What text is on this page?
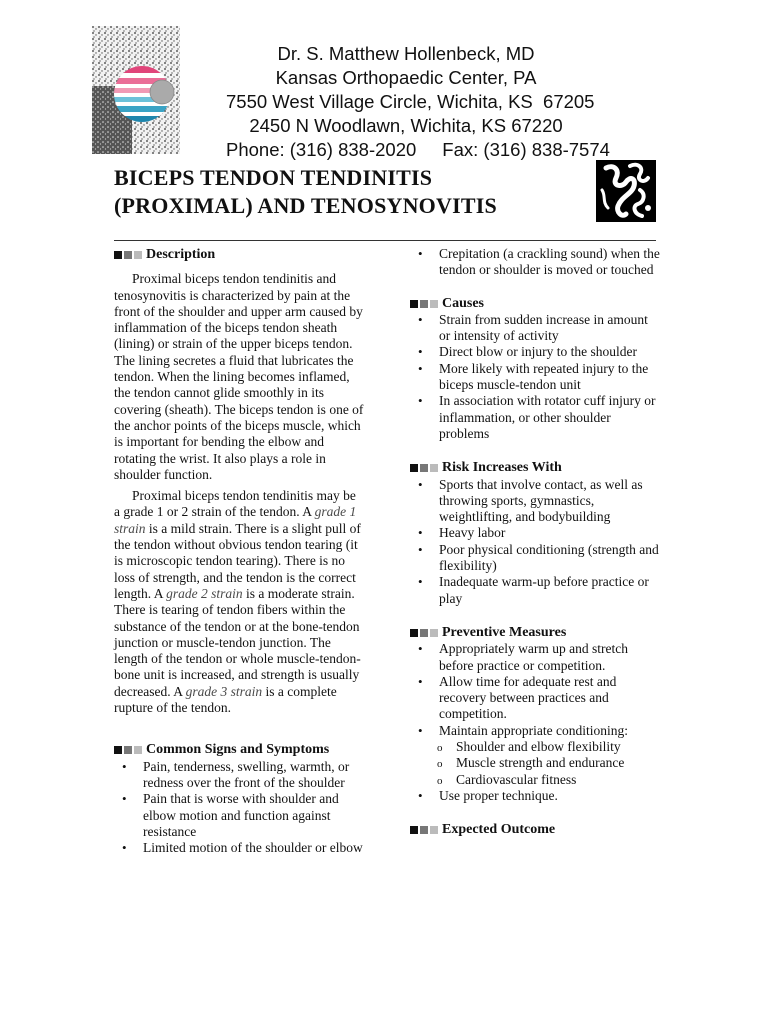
Dr. S. Matthew Hollenbeck, MD
Kansas Orthopaedic Center, PA
7550 West Village Circle, Wichita, KS  67205
2450 N Woodlawn, Wichita, KS 67220
Phone: (316) 838-2020 Fax: (316) 838-7574
BICEPS TENDON TENDINITIS
(PROXIMAL) AND TENOSYNOVITIS
Description

Proximal biceps tendon tendinitis and tenosynovitis is characterized by pain at the front of the shoulder and upper arm caused by inflammation of the biceps tendon sheath (lining) or strain of the upper biceps tendon. The lining secretes a fluid that lubricates the tendon. When the lining becomes inflamed, the tendon cannot glide smoothly in its covering (sheath). The biceps tendon is one of the anchor points of the biceps muscle, which is important for bending the elbow and rotating the wrist. It also plays a role in shoulder function.

Proximal biceps tendon tendinitis may be a grade 1 or 2 strain of the tendon. A grade 1 strain is a mild strain. There is a slight pull of the tendon without obvious tendon tearing (it is microscopic tendon tearing). There is no loss of strength, and the tendon is the correct length. A grade 2 strain is a moderate strain. There is tearing of tendon fibers within the substance of the tendon or at the bone-tendon junction or muscle-tendon junction. The length of the tendon or whole muscle-tendon-bone unit is increased, and strength is usually decreased. A grade 3 strain is a complete rupture of the tendon.

Common Signs and Symptoms
• Pain, tenderness, swelling, warmth, or redness over the front of the shoulder
• Pain that is worse with shoulder and elbow motion and function against resistance
• Limited motion of the shoulder or elbow
• Crepitation (a crackling sound) when the tendon or shoulder is moved or touched
Causes
• Strain from sudden increase in amount or intensity of activity
• Direct blow or injury to the shoulder
• More likely with repeated injury to the biceps muscle-tendon unit
• In association with rotator cuff injury or inflammation, or other shoulder problems
Risk Increases With
• Sports that involve contact, as well as throwing sports, gymnastics, weightlifting, and bodybuilding
• Heavy labor
• Poor physical conditioning (strength and flexibility)
• Inadequate warm-up before practice or play
Preventive Measures
• Appropriately warm up and stretch before practice or competition.
• Allow time for adequate rest and recovery between practices and competition.
• Maintain appropriate conditioning:
o Shoulder and elbow flexibility
o Muscle strength and endurance
o Cardiovascular fitness
• Use proper technique.
Expected Outcome
